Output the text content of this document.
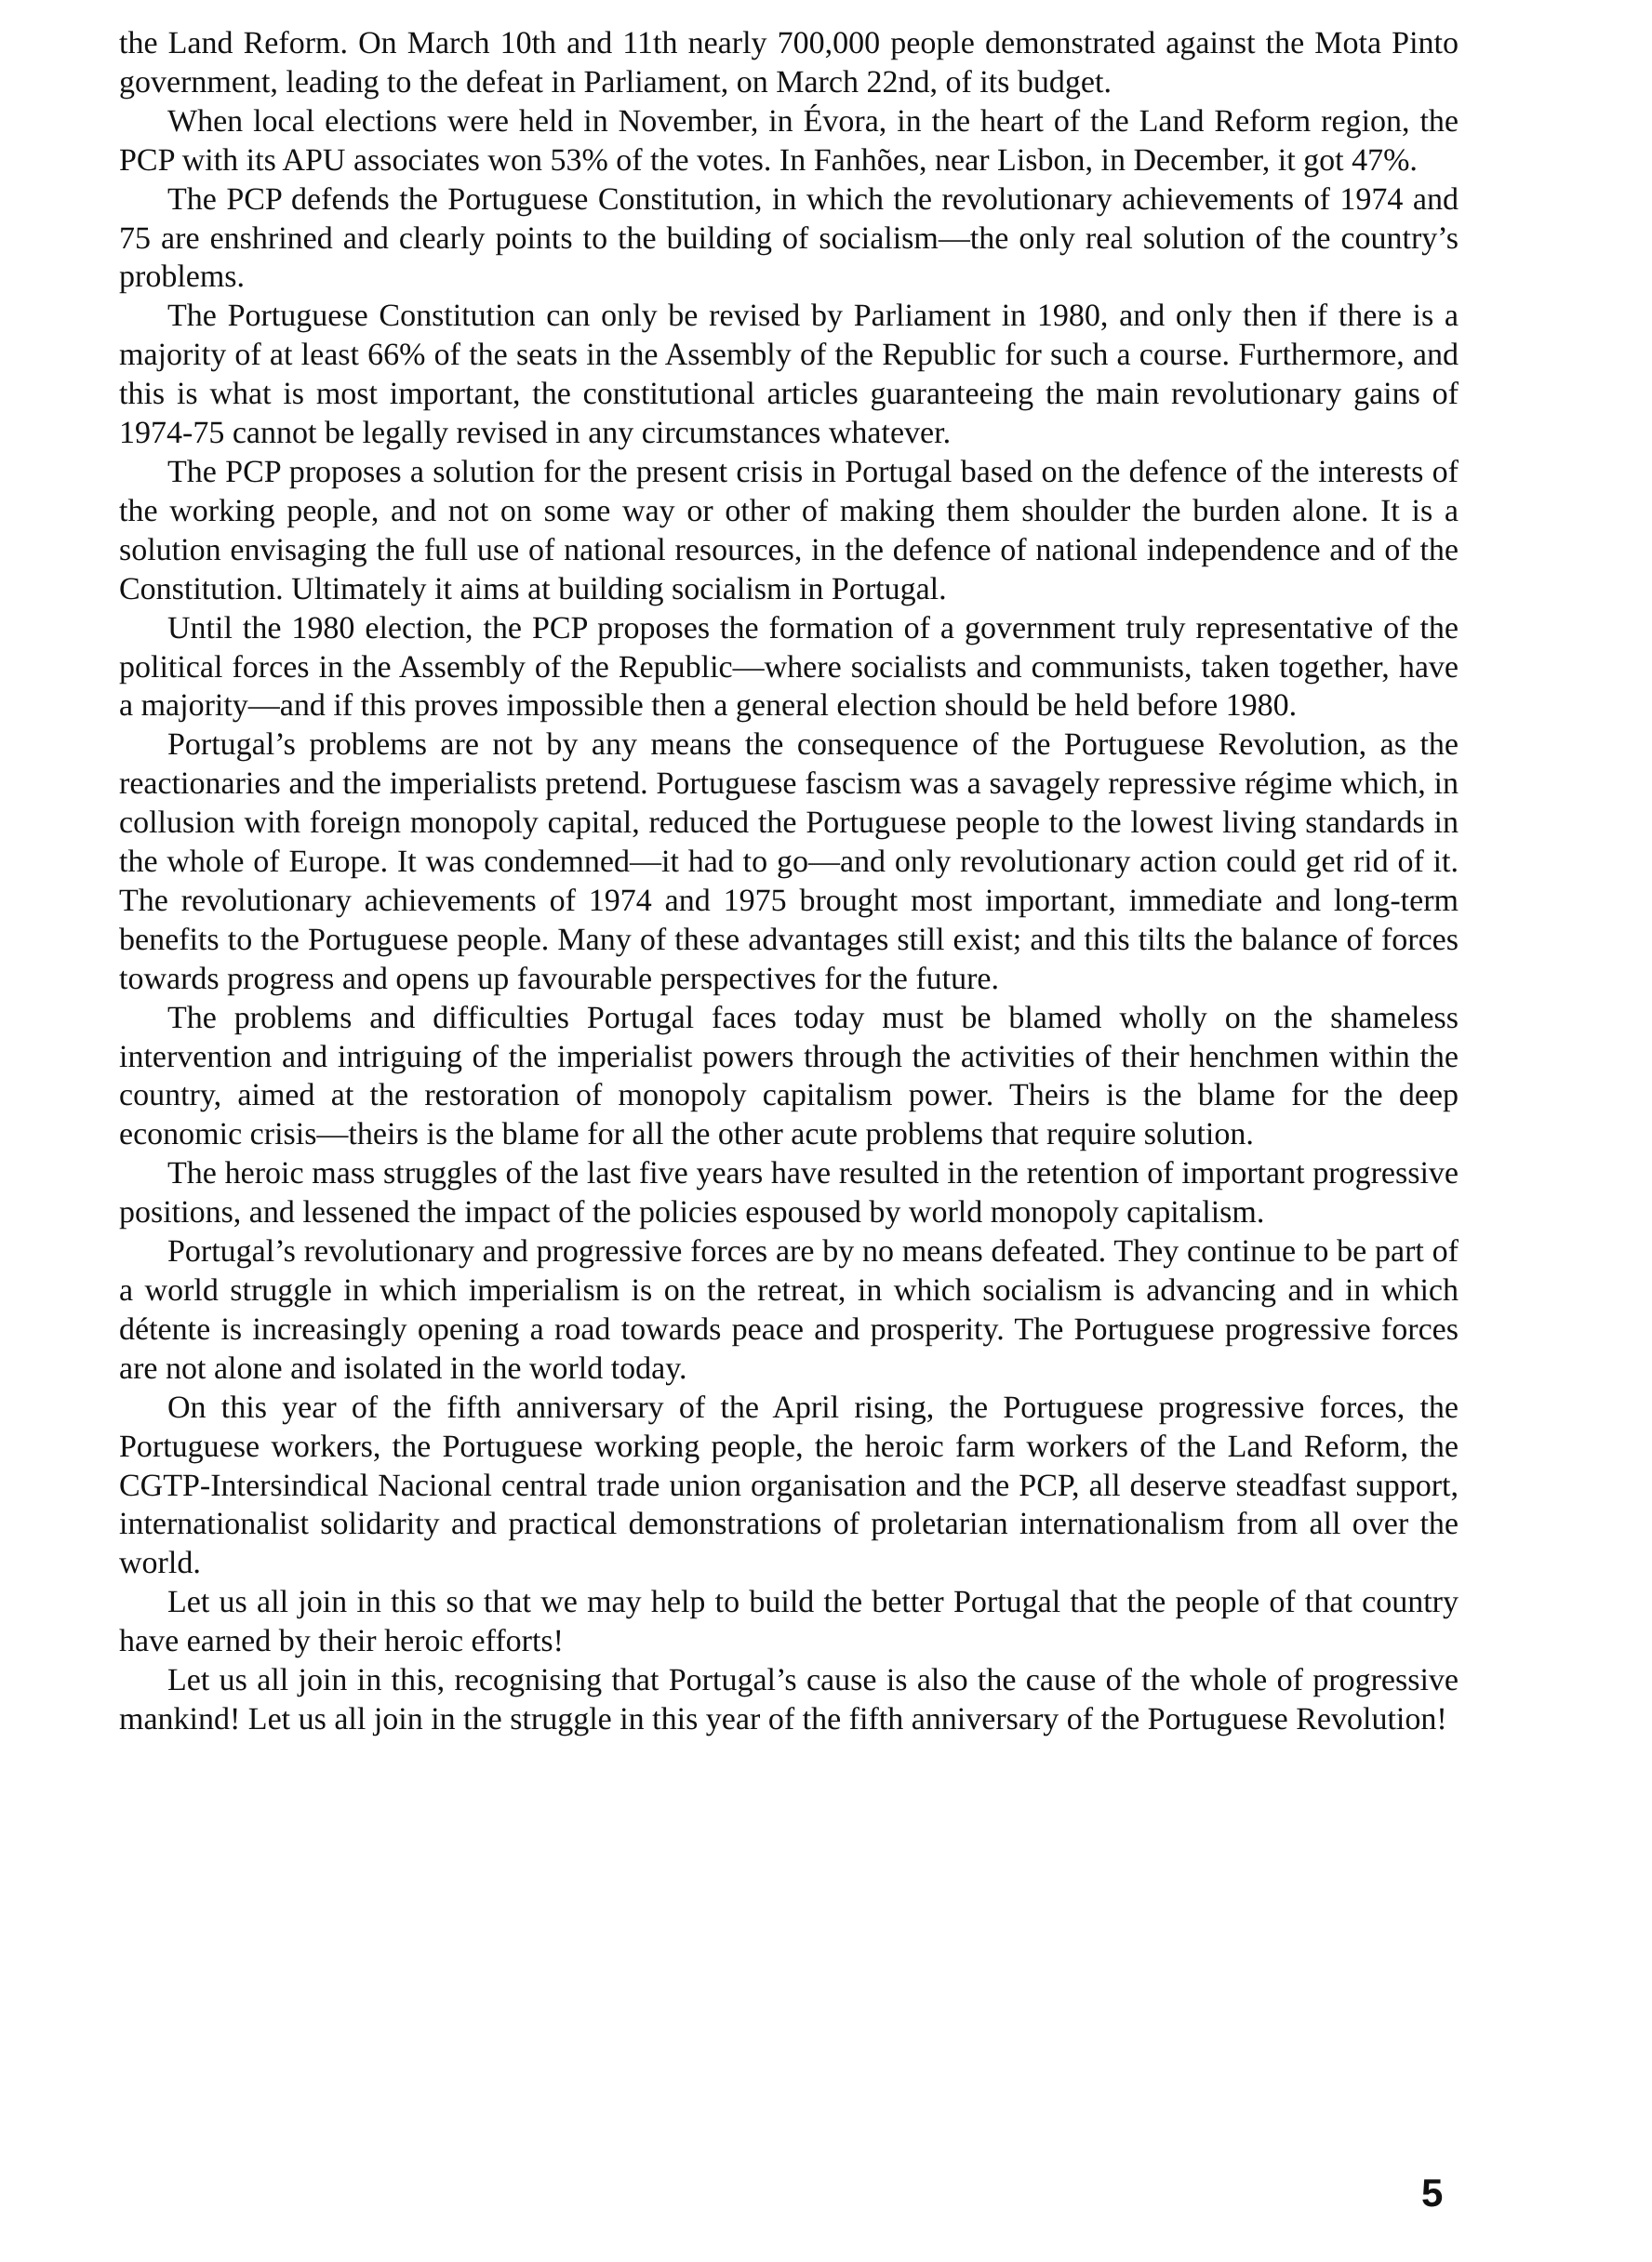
the Land Reform. On March 10th and 11th nearly 700,000 people demonstrated against the Mota Pinto government, leading to the defeat in Parliament, on March 22nd, of its budget.

When local elections were held in November, in Évora, in the heart of the Land Reform region, the PCP with its APU associates won 53% of the votes. In Fanhões, near Lisbon, in December, it got 47%.

The PCP defends the Portuguese Constitution, in which the revolutionary achievements of 1974 and 75 are enshrined and clearly points to the building of socialism—the only real solution of the country’s problems.

The Portuguese Constitution can only be revised by Parliament in 1980, and only then if there is a majority of at least 66% of the seats in the Assembly of the Republic for such a course. Furthermore, and this is what is most important, the constitutional articles guaranteeing the main revolutionary gains of 1974-75 cannot be legally revised in any circumstances whatever.

The PCP proposes a solution for the present crisis in Portugal based on the defence of the interests of the working people, and not on some way or other of making them shoulder the burden alone. It is a solution envisaging the full use of national resources, in the defence of national independence and of the Constitution. Ultimately it aims at building socialism in Portugal.

Until the 1980 election, the PCP proposes the formation of a government truly representative of the political forces in the Assembly of the Republic—where socialists and communists, taken together, have a majority—and if this proves impossible then a general election should be held before 1980.

Portugal’s problems are not by any means the consequence of the Portuguese Revolution, as the reactionaries and the imperialists pretend. Portuguese fascism was a savagely repressive régime which, in collusion with foreign monopoly capital, reduced the Portuguese people to the lowest living standards in the whole of Europe. It was condemned—it had to go—and only revolutionary action could get rid of it. The revolutionary achievements of 1974 and 1975 brought most important, immediate and long-term benefits to the Portuguese people. Many of these advantages still exist; and this tilts the balance of forces towards progress and opens up favourable perspectives for the future.

The problems and difficulties Portugal faces today must be blamed wholly on the shameless intervention and intriguing of the imperialist powers through the activities of their henchmen within the country, aimed at the restoration of monopoly capitalism power. Theirs is the blame for the deep economic crisis—theirs is the blame for all the other acute problems that require solution.

The heroic mass struggles of the last five years have resulted in the retention of important progressive positions, and lessened the impact of the policies espoused by world monopoly capitalism.

Portugal’s revolutionary and progressive forces are by no means defeated. They continue to be part of a world struggle in which imperialism is on the retreat, in which socialism is advancing and in which détente is increasingly opening a road towards peace and prosperity. The Portuguese progressive forces are not alone and isolated in the world today.

On this year of the fifth anniversary of the April rising, the Portuguese progressive forces, the Portuguese workers, the Portuguese working people, the heroic farm workers of the Land Reform, the CGTP-Intersindical Nacional central trade union organisation and the PCP, all deserve steadfast support, internationalist solidarity and practical demonstrations of proletarian internationalism from all over the world.

Let us all join in this so that we may help to build the better Portugal that the people of that country have earned by their heroic efforts!

Let us all join in this, recognising that Portugal’s cause is also the cause of the whole of progressive mankind! Let us all join in the struggle in this year of the fifth anniversary of the Portuguese Revolution!

5
